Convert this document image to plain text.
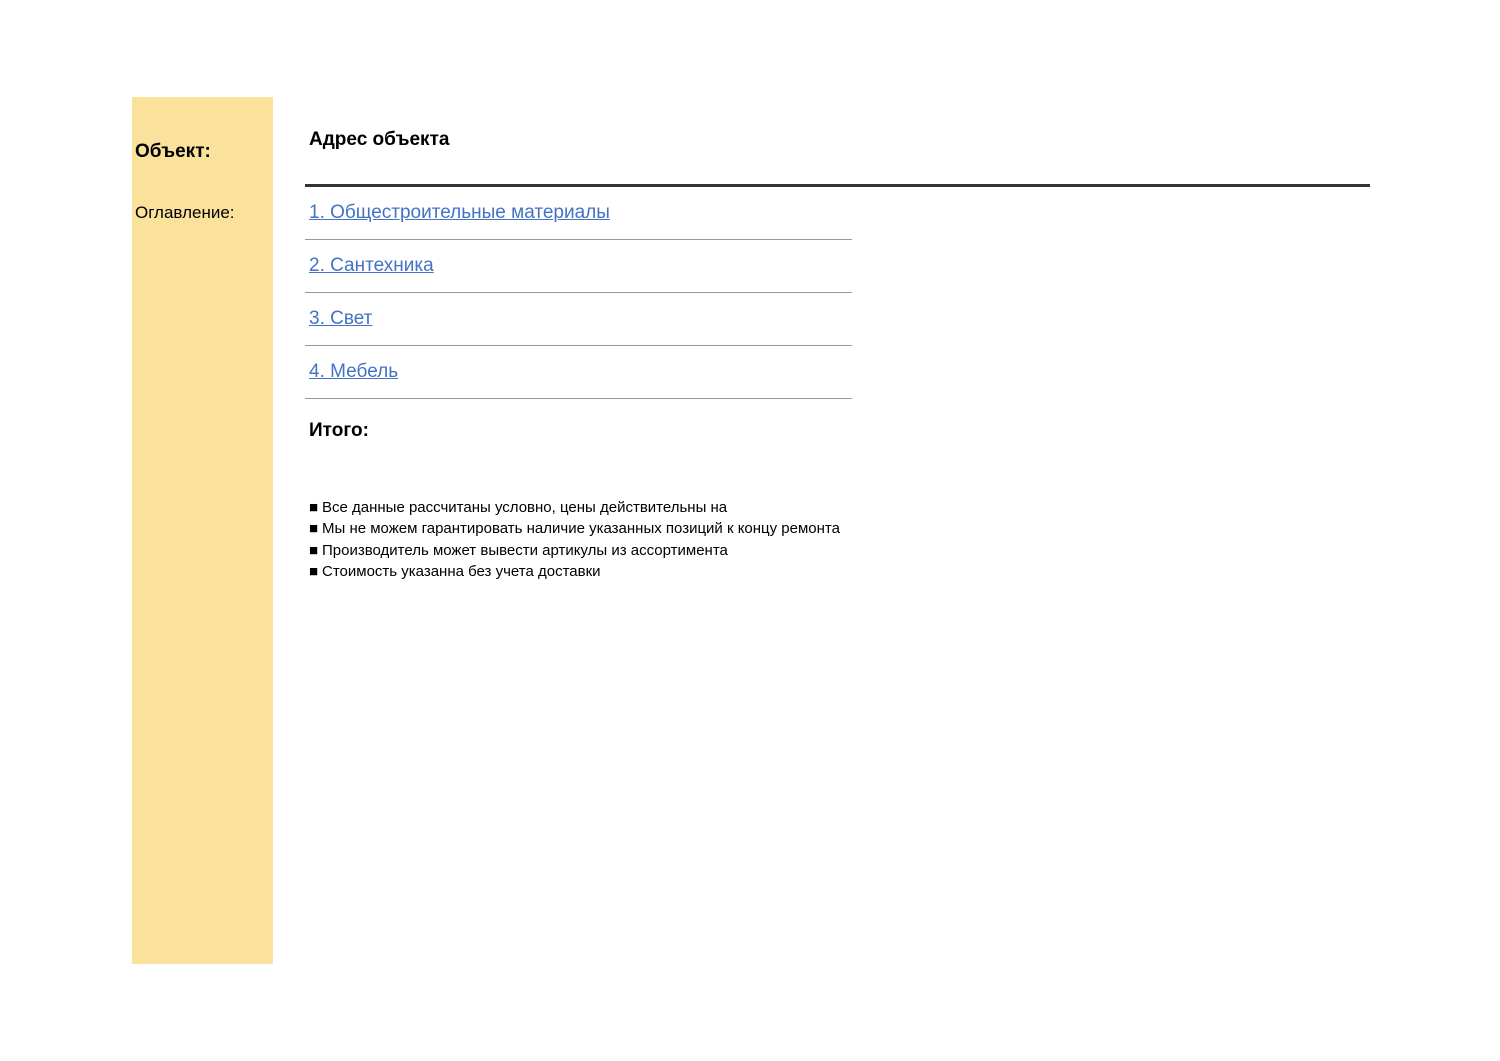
Объект:
Оглавление:
Адрес объекта
1. Общестроительные материалы
2. Сантехника
3. Свет
4. Мебель
Итого:
■ Все данные рассчитаны условно, цены действительны на
■ Мы не можем гарантировать наличие указанных позиций к концу ремонта
■ Производитель может вывести артикулы из ассортимента
■ Стоимость указанна без учета доставки
